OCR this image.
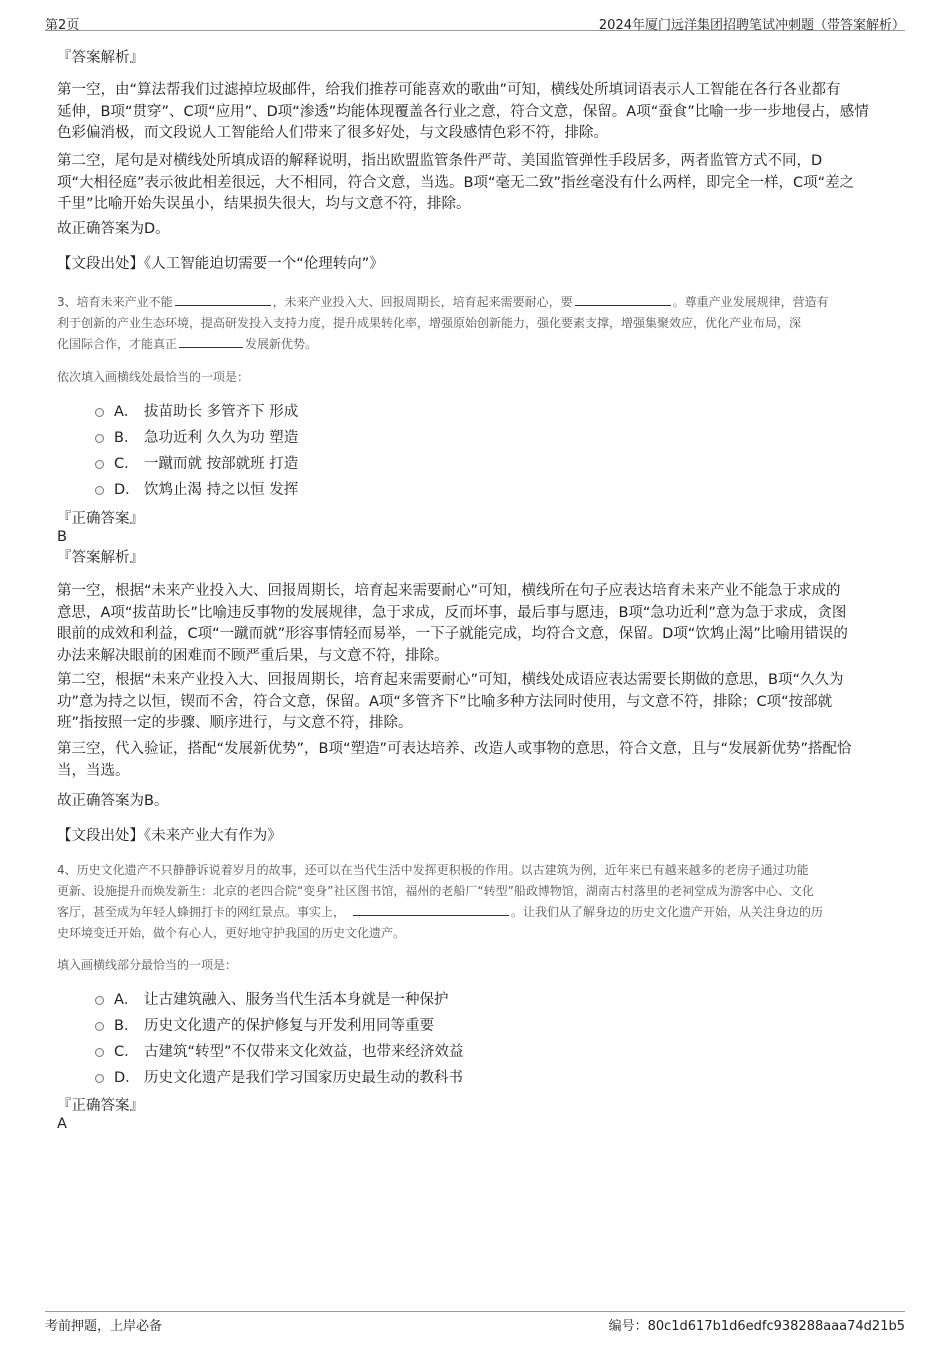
第2页	2024年厦门远洋集团招聘笔试冲刺题（带答案解析）
『答案解析』
第一空，由“算法帮我们过滤掉垃圾邮件，给我们推荐可能喜欢的歌曲”可知，横线处所填词语表示人工智能在各行各业都有
延伸，B项“贯穿”、C项“应用”、D项“渗透”均能体现覆盖各行业之意，符合文意，保留。A项“蚕食”比喻一步一步地侵占，感情
色彩偏消极，而文段说人工智能给人们带来了很多好处，与文段感情色彩不符，排除。
第二空，尾句是对横线处所填成语的解释说明，指出欧盟监管条件严苛、美国监管弹性手段居多，两者监管方式不同，D
项“大相径庭”表示彼此相差很远，大不相同，符合文意，当选。B项“毫无二致”指丝毫没有什么两样，即完全一样，C项“差之
千里”比喻开始失误虽小，结果损失很大，均与文意不符，排除。
故正确答案为D。
【文段出处】《人工智能迫切需要一个“伦理转向”》
3、培育未来产业不能	，未来产业投入大、回报周期长，培育起来需要耐心，要	。尊重产业发展规律，营造有
利于创新的产业生态环境，提高研发投入支持力度，提升成果转化率，增强原始创新能力，强化要素支撑，增强集聚效应，优化产业布局，深
化国际合作，才能真正	发展新优势。
依次填入画横线处最恰当的一项是：
A． 拔苗助长 多管齐下 形成
B． 急功近利 久久为功 塑造
C． 一蹴而就 按部就班 打造
D． 饮鸩止渴 持之以恒 发挥
『正确答案』
B
『答案解析』
第一空，根据“未来产业投入大、回报周期长，培育起来需要耐心”可知，横线所在句子应表达培育未来产业不能急于求成的
意思，A项“拔苗助长”比喻违反事物的发展规律，急于求成，反而坏事，最后事与愿违，B项“急功近利”意为急于求成，贪图
眼前的成效和利益，C项“一蹴而就”形容事情轻而易举，一下子就能完成，均符合文意，保留。D项“饮鸩止渴”比喻用错误的
办法来解决眼前的困难而不顾严重后果，与文意不符，排除。
第二空，根据“未来产业投入大、回报周期长，培育起来需要耐心”可知，横线处成语应表达需要长期做的意思，B项“久久为
功”意为持之以恒，锲而不舍，符合文意，保留。A项“多管齐下”比喻多种方法同时使用，与文意不符，排除；C项“按部就
班”指按照一定的步骤、顺序进行，与文意不符，排除。
第三空，代入验证，搭配“发展新优势”，B项“塑造”可表达培养、改造人或事物的意思，符合文意，且与“发展新优势”搭配恰
当，当选。
故正确答案为B。
【文段出处】《未来产业大有作为》
4、历史文化遗产不只静静诉说着岁月的故事，还可以在当代生活中发挥更积极的作用。以古建筑为例，近年来已有越来越多的老房子通过功能
更新、设施提升而焕发新生：北京的老四合院“变身”社区图书馆，福州的老船厂“转型”船政博物馆，湖南古村落里的老祠堂成为游客中心、文化
客厅，甚至成为年轻人蜂拥打卡的网红景点。事实上，	。让我们从了解身边的历史文化遗产开始，从关注身边的历
史环境变迁开始，做个有心人，更好地守护我国的历史文化遗产。
填入画横线部分最恰当的一项是：
A． 让古建筑融入、服务当代生活本身就是一种保护
B． 历史文化遗产的保护修复与开发利用同等重要
C． 古建筑“转型”不仅带来文化效益，也带来经济效益
D． 历史文化遗产是我们学习国家历史最生动的教科书
『正确答案』
A
考前押题，上岸必备	编号：80c1d617b1d6edfc938288aaa74d21b5
